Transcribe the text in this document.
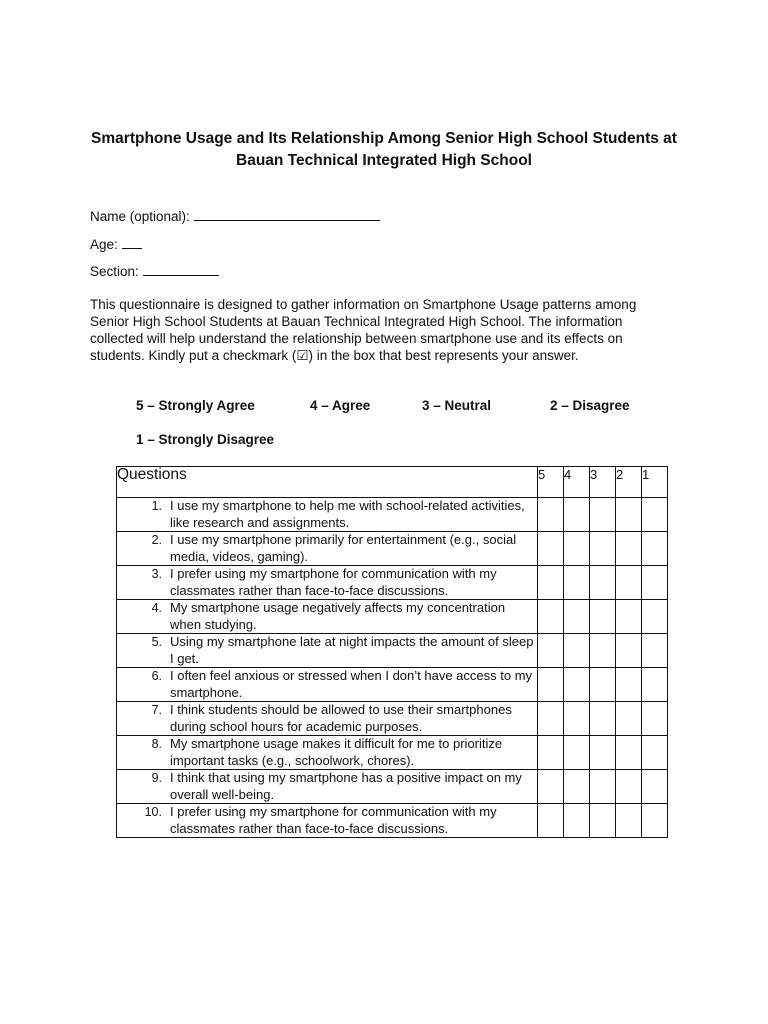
Smartphone Usage and Its Relationship Among Senior High School Students at Bauan Technical Integrated High School
Name (optional):
Age:
Section:
This questionnaire is designed to gather information on Smartphone Usage patterns among Senior High School Students at Bauan Technical Integrated High School. The information collected will help understand the relationship between smartphone use and its effects on students. Kindly put a checkmark (☑) in the box that best represents your answer.
5 – Strongly Agree	4 – Agree	3 – Neutral	2 – Disagree
1 – Strongly Disagree
Questions	5	4	3	2	1

1. I use my smartphone to help me with school-related activities, like research and assignments.					

2. I use my smartphone primarily for entertainment (e.g., social media, videos, gaming).					

3. I prefer using my smartphone for communication with my classmates rather than face-to-face discussions.					

4. My smartphone usage negatively affects my concentration when studying.					

5. Using my smartphone late at night impacts the amount of sleep I get.					

6. I often feel anxious or stressed when I don’t have access to my smartphone.					

7. I think students should be allowed to use their smartphones during school hours for academic purposes.					

8. My smartphone usage makes it difficult for me to prioritize important tasks (e.g., schoolwork, chores).					

9. I think that using my smartphone has a positive impact on my overall well-being.					

10. I prefer using my smartphone for communication with my classmates rather than face-to-face discussions.					
